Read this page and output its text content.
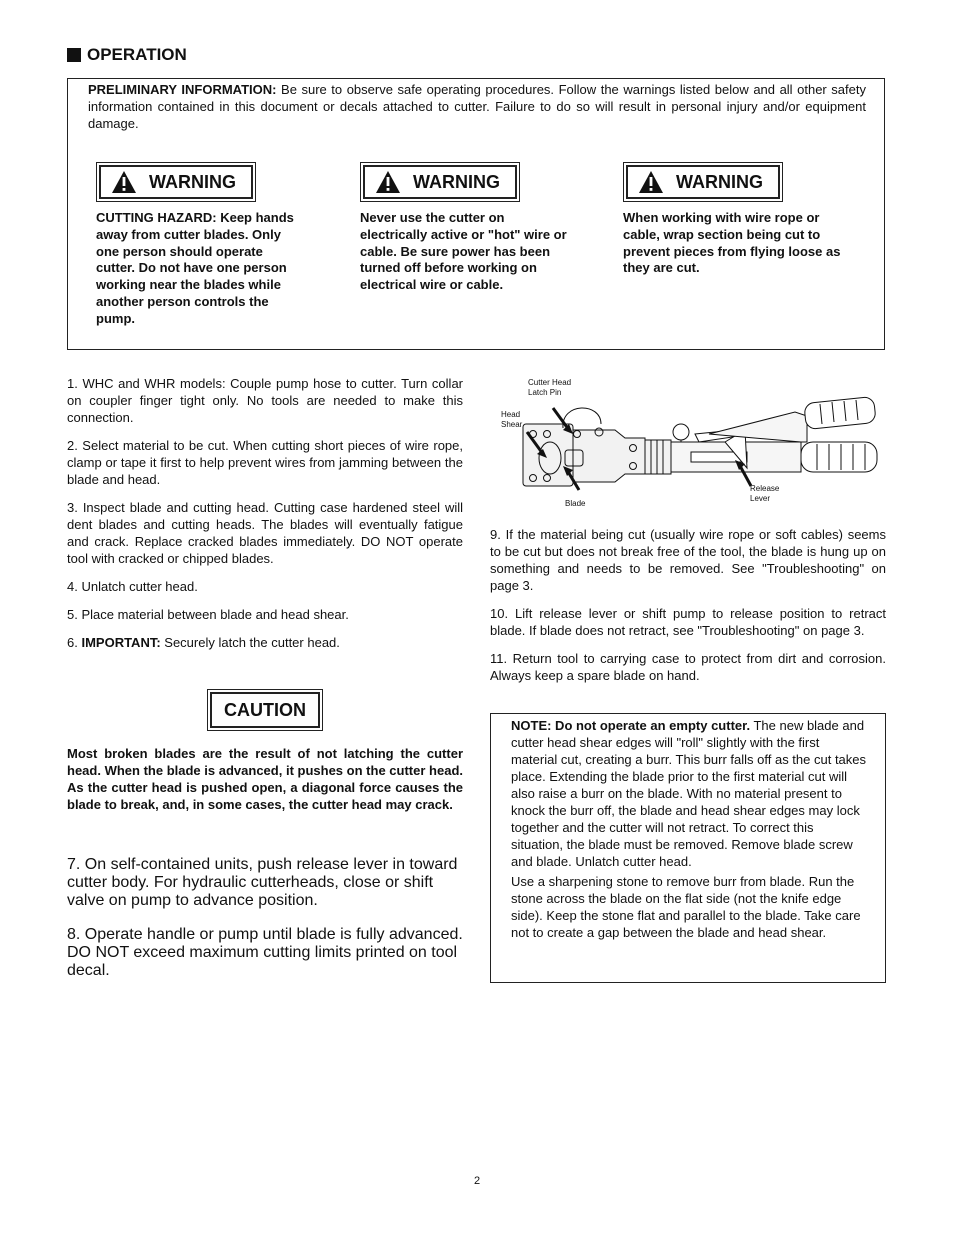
OPERATION
PRELIMINARY INFORMATION: Be sure to observe safe operating procedures. Follow the warnings listed below and all other safety information contained in this document or decals attached to cutter. Failure to do so will result in personal injury and/or equipment damage.
WARNING
CUTTING HAZARD: Keep hands away from cutter blades. Only one person should operate cutter. Do not have one person working near the blades while another person controls the pump.
WARNING
Never use the cutter on electrically active or "hot" wire or cable. Be sure power has been turned off before working on electrical wire or cable.
WARNING
When working with wire rope or cable, wrap section being cut to prevent pieces from flying loose as they are cut.

1. WHC and WHR models: Couple pump hose to cutter. Turn collar on coupler finger tight only. No tools are needed to make this connection.

2. Select material to be cut. When cutting short pieces of wire rope, clamp or tape it first to help prevent wires from jamming between the blade and head.

3. Inspect blade and cutting head. Cutting case hardened steel will dent blades and cutting heads. The blades will eventually fatigue and crack. Replace cracked blades immediately. DO NOT operate tool with cracked or chipped blades.

4. Unlatch cutter head.

5. Place material between blade and head shear.

6. IMPORTANT: Securely latch the cutter head.

CAUTION
Most broken blades are the result of not latching the cutter head. When the blade is advanced, it pushes on the cutter head. As the cutter head is pushed open, a diagonal force causes the blade to break, and, in some cases, the cutter head may crack.

7. On self-contained units, push release lever in toward cutter body. For hydraulic cutterheads, close or shift valve on pump to advance position.

8. Operate handle or pump until blade is fully advanced. DO NOT exceed maximum cutting limits printed on tool decal.

Cutter Head
Latch Pin
Head
Shear
Blade
Release
Lever

9. If the material being cut (usually wire rope or soft cables) seems to be cut but does not break free of the tool, the blade is hung up on something and needs to be removed. See "Troubleshooting" on page 3.

10. Lift release lever or shift pump to release position to retract blade. If blade does not retract, see "Troubleshooting" on page 3.

11. Return tool to carrying case to protect from dirt and corrosion. Always keep a spare blade on hand.

NOTE: Do not operate an empty cutter. The new blade and cutter head shear edges will "roll" slightly with the first material cut, creating a burr. This burr falls off as the cut takes place. Extending the blade prior to the first material cut will also raise a burr on the blade. With no material present to knock the burr off, the blade and head shear edges may lock together and the cutter will not retract. To correct this situation, the blade must be removed. Remove blade screw and blade. Unlatch cutter head.

Use a sharpening stone to remove burr from blade. Run the stone across the blade on the flat side (not the knife edge side). Keep the stone flat and parallel to the blade. Take care not to create a gap between the blade and head shear.

2
